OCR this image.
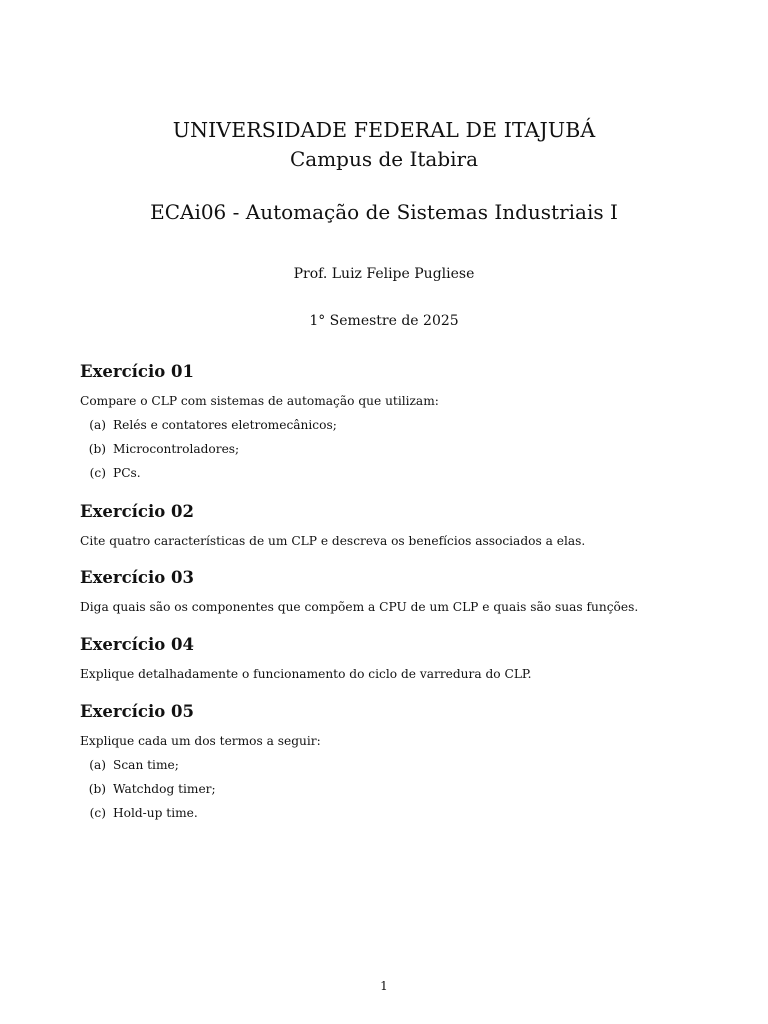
UNIVERSIDADE FEDERAL DE ITAJUBÁ
Campus de Itabira
ECAi06 - Automação de Sistemas Industriais I
Prof. Luiz Felipe Pugliese
1° Semestre de 2025
Exercício 01

Compare o CLP com sistemas de automação que utilizam:

(a) Relés e contatores eletromecânicos;
(b) Microcontroladores;
(c) PCs.
Exercício 02

Cite quatro características de um CLP e descreva os benefícios associados a elas.

Exercício 03

Diga quais são os componentes que compõem a CPU de um CLP e quais são suas funções.

Exercício 04

Explique detalhadamente o funcionamento do ciclo de varredura do CLP.

Exercício 05

Explique cada um dos termos a seguir:

(a) Scan time;
(b) Watchdog timer;
(c) Hold-up time.
1
